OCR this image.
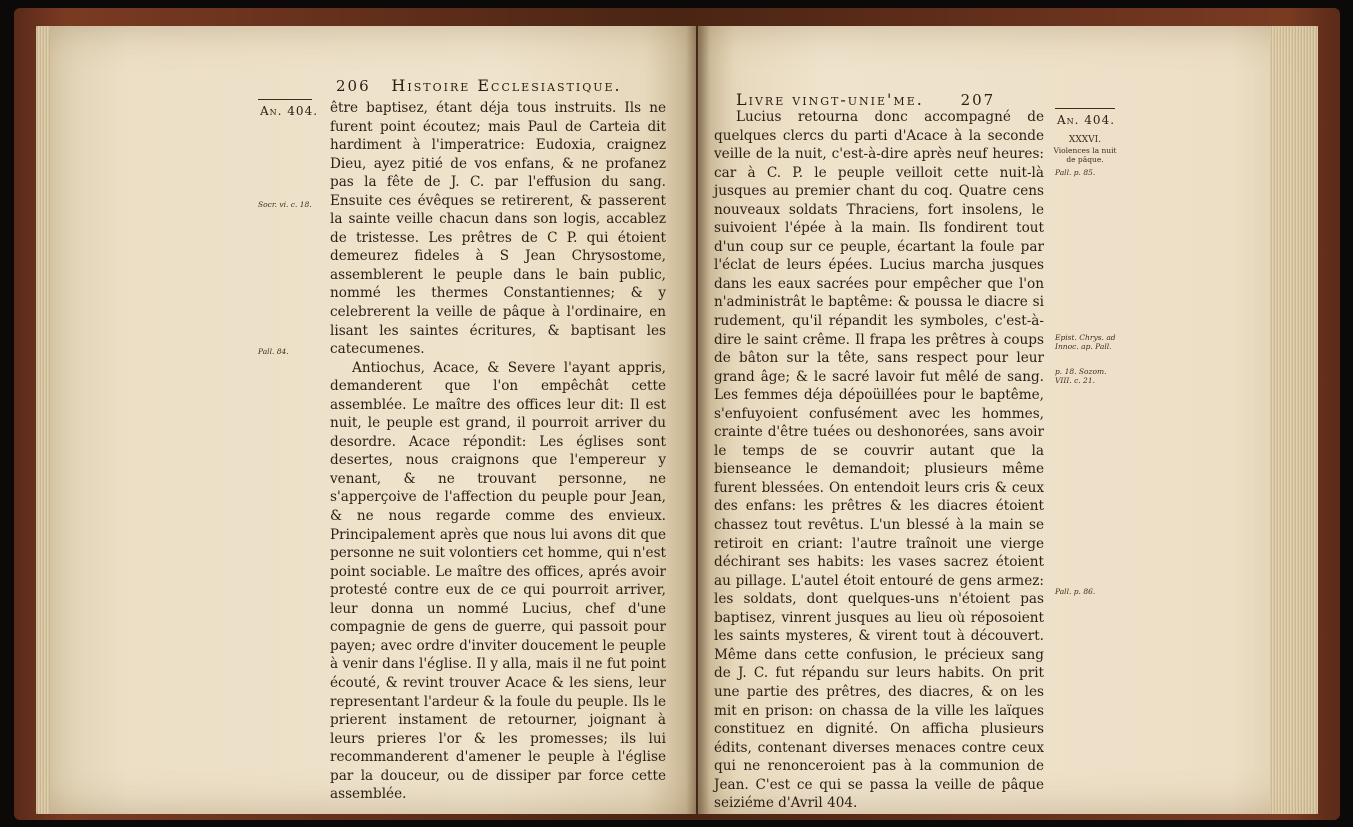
206 Histoire Ecclesiastique.
An. 404.
Socr. vi. c. 18.
Pall. 84.

être baptisez, étant déja tous instruits. Ils ne furent point écoutez; mais Paul de Carteia dit hardiment à l'imperatrice: Eudoxia, craignez Dieu, ayez pitié de vos enfans, & ne profanez pas la fête de J. C. par l'effusion du sang. Ensuite ces évêques se retirerent, & passerent la sainte veille chacun dans son logis, accablez de tristesse. Les prêtres de C P. qui étoient demeurez fideles à S Jean Chrysostome, assemblerent le peuple dans le bain public, nommé les thermes Constantiennes; & y celebrerent la veille de pâque à l'ordinaire, en lisant les saintes écritures, & baptisant les catecumenes.

Antiochus, Acace, & Severe l'ayant appris, demanderent que l'on empêchât cette assemblée. Le maître des offices leur dit: Il est nuit, le peuple est grand, il pourroit arriver du desordre. Acace répondit: Les églises sont desertes, nous craignons que l'empereur y venant, & ne trouvant personne, ne s'apperçoive de l'affection du peuple pour Jean, & ne nous regarde comme des envieux. Principalement après que nous lui avons dit que personne ne suit volontiers cet homme, qui n'est point sociable. Le maître des offices, aprés avoir protesté contre eux de ce qui pourroit arriver, leur donna un nommé Lucius, chef d'une compagnie de gens de guerre, qui passoit pour payen; avec ordre d'inviter doucement le peuple à venir dans l'église. Il y alla, mais il ne fut point écouté, & revint trouver Acace & les siens, leur representant l'ardeur & la foule du peuple. Ils le prierent instament de retourner, joignant à leurs prieres l'or & les promesses; ils lui recommanderent d'amener le peuple à l'église par la douceur, ou de dissiper par force cette assemblée.

Livre vingt-unie'me. 207
An. 404.
XXXVI.
Violences la nuit de pâque.
Pall. p. 85.
Epist. Chrys. ad Innoc. ap. Pall.
p. 18. Sozom. VIII. c. 21.
Pall. p. 86.

Lucius retourna donc accompagné de quelques clercs du parti d'Acace à la seconde veille de la nuit, c'est-à-dire après neuf heures: car à C. P. le peuple veilloit cette nuit-là jusques au premier chant du coq. Quatre cens nouveaux soldats Thraciens, fort insolens, le suivoient l'épée à la main. Ils fondirent tout d'un coup sur ce peuple, écartant la foule par l'éclat de leurs épées. Lucius marcha jusques dans les eaux sacrées pour empêcher que l'on n'administrât le baptême: & poussa le diacre si rudement, qu'il répandit les symboles, c'est-à-dire le saint crême. Il frapa les prêtres à coups de bâton sur la tête, sans respect pour leur grand âge; & le sacré lavoir fut mêlé de sang. Les femmes déja dépoüillées pour le baptême, s'enfuyoient confusément avec les hommes, crainte d'être tuées ou deshonorées, sans avoir le temps de se couvrir autant que la bienseance le demandoit; plusieurs même furent blessées. On entendoit leurs cris & ceux des enfans: les prêtres & les diacres étoient chassez tout revêtus. L'un blessé à la main se retiroit en criant: l'autre traînoit une vierge déchirant ses habits: les vases sacrez étoient au pillage. L'autel étoit entouré de gens armez: les soldats, dont quelques-uns n'étoient pas baptisez, vinrent jusques au lieu où réposoient les saints mysteres, & virent tout à découvert. Même dans cette confusion, le précieux sang de J. C. fut répandu sur leurs habits. On prit une partie des prêtres, des diacres, & on les mit en prison: on chassa de la ville les laïques constituez en dignité. On afficha plusieurs édits, contenant diverses menaces contre ceux qui ne renonceroient pas à la communion de Jean. C'est ce qui se passa la veille de pâque seiziéme d'Avril 404.
